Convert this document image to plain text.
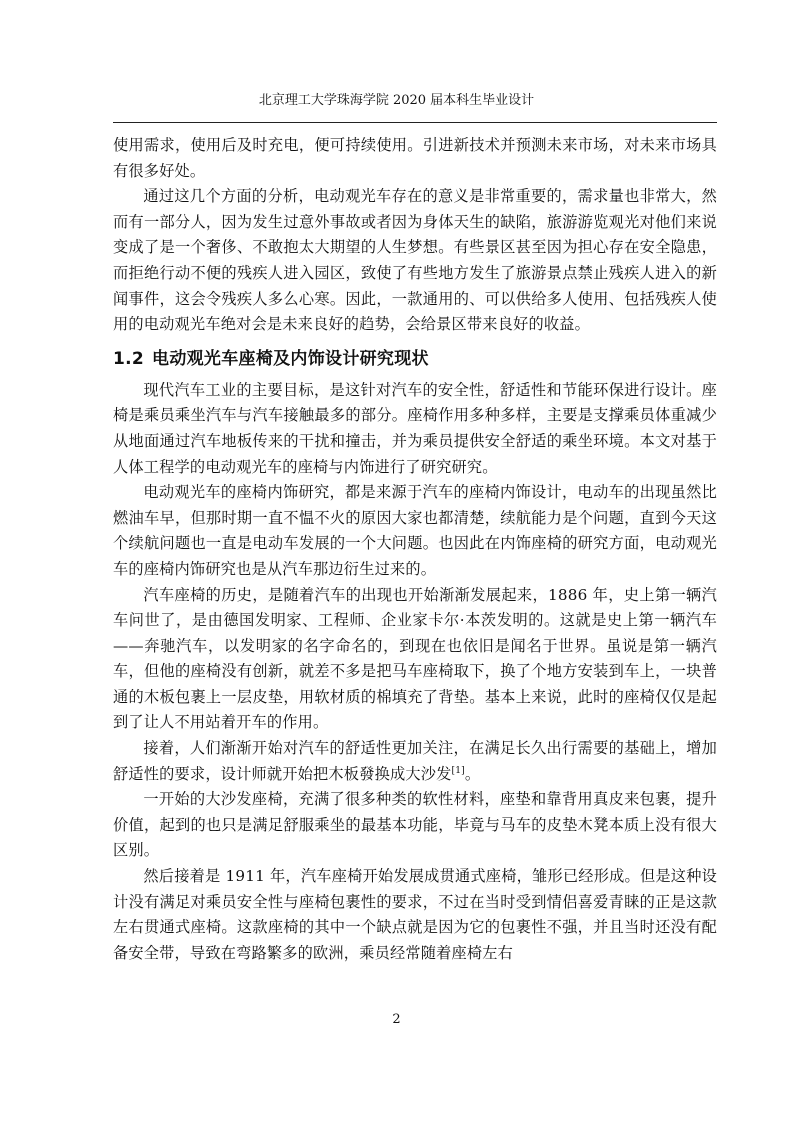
北京理工大学珠海学院 2020 届本科生毕业设计

使用需求，使用后及时充电，便可持续使用。引进新技术并预测未来市场，对未来市场具有很多好处。

通过这几个方面的分析，电动观光车存在的意义是非常重要的，需求量也非常大，然而有一部分人，因为发生过意外事故或者因为身体天生的缺陷，旅游游览观光对他们来说变成了是一个奢侈、不敢抱太大期望的人生梦想。有些景区甚至因为担心存在安全隐患，而拒绝行动不便的残疾人进入园区，致使了有些地方发生了旅游景点禁止残疾人进入的新闻事件，这会令残疾人多么心寒。因此，一款通用的、可以供给多人使用、包括残疾人使用的电动观光车绝对会是未来良好的趋势，会给景区带来良好的收益。

1.2 电动观光车座椅及内饰设计研究现状

现代汽车工业的主要目标，是这针对汽车的安全性，舒适性和节能环保进行设计。座椅是乘员乘坐汽车与汽车接触最多的部分。座椅作用多种多样，主要是支撑乘员体重减少从地面通过汽车地板传来的干扰和撞击，并为乘员提供安全舒适的乘坐环境。本文对基于人体工程学的电动观光车的座椅与内饰进行了研究研究。

电动观光车的座椅内饰研究，都是来源于汽车的座椅内饰设计，电动车的出现虽然比燃油车早，但那时期一直不愠不火的原因大家也都清楚，续航能力是个问题，直到今天这个续航问题也一直是电动车发展的一个大问题。也因此在内饰座椅的研究方面，电动观光车的座椅内饰研究也是从汽车那边衍生过来的。

汽车座椅的历史，是随着汽车的出现也开始渐渐发展起来，1886 年，史上第一辆汽车问世了，是由德国发明家、工程师、企业家卡尔·本茨发明的。这就是史上第一辆汽车——奔驰汽车，以发明家的名字命名的，到现在也依旧是闻名于世界。虽说是第一辆汽车，但他的座椅没有创新，就差不多是把马车座椅取下，换了个地方安装到车上，一块普通的木板包裹上一层皮垫，用软材质的棉填充了背垫。基本上来说，此时的座椅仅仅是起到了让人不用站着开车的作用。

接着，人们渐渐开始对汽车的舒适性更加关注，在满足长久出行需要的基础上，增加舒适性的要求，设计师就开始把木板發换成大沙发[1]。

一开始的大沙发座椅，充满了很多种类的软性材料，座垫和靠背用真皮来包裹，提升价值，起到的也只是满足舒服乘坐的最基本功能，毕竟与马车的皮垫木凳本质上没有很大区别。

然后接着是 1911 年，汽车座椅开始发展成贯通式座椅，雏形已经形成。但是这种设计没有满足对乘员安全性与座椅包裹性的要求，不过在当时受到情侣喜爱青睐的正是这款左右贯通式座椅。这款座椅的其中一个缺点就是因为它的包裹性不强，并且当时还没有配备安全带，导致在弯路繁多的欧洲，乘员经常随着座椅左右

2
